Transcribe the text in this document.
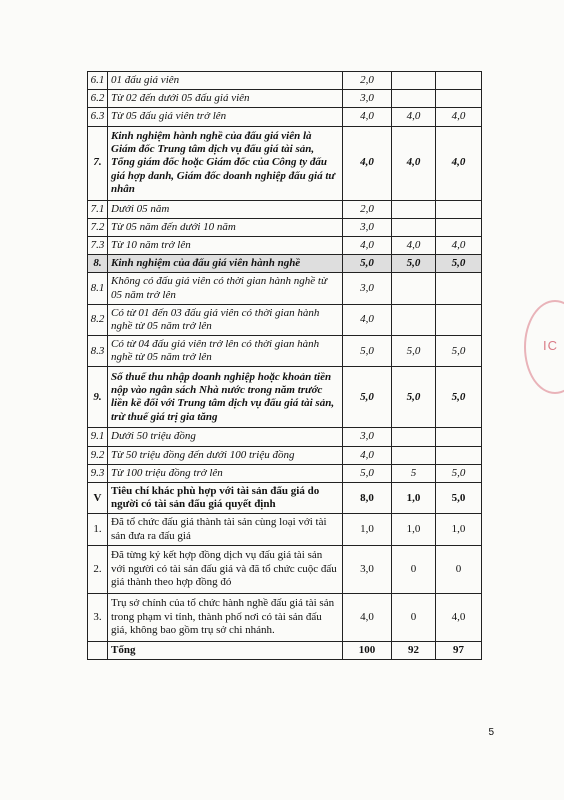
IC
6.1	01 đấu giá viên	2,0		
6.2	Từ 02 đến dưới 05 đấu giá viên	3,0		
6.3	Từ 05 đấu giá viên trở lên	4,0	4,0	4,0
7.	Kinh nghiệm hành nghề của đấu giá viên là Giám đốc Trung tâm dịch vụ đấu giá tài sản, Tổng giám đốc hoặc Giám đốc của Công ty đấu giá hợp danh, Giám đốc doanh nghiệp đấu giá tư nhân	4,0	4,0	4,0
7.1	Dưới 05 năm	2,0		
7.2	Từ 05 năm đến dưới 10 năm	3,0		
7.3	Từ 10 năm trở lên	4,0	4,0	4,0
8.	Kinh nghiệm của đấu giá viên hành nghề	5,0	5,0	5,0
8.1	Không có đấu giá viên có thời gian hành nghề từ 05 năm trở lên	3,0		
8.2	Có từ 01 đến 03 đấu giá viên có thời gian hành nghề từ 05 năm trở lên	4,0		
8.3	Có từ 04 đấu giá viên trở lên có thời gian hành nghề từ 05 năm trở lên	5,0	5,0	5,0
9.	Số thuế thu nhập doanh nghiệp hoặc khoản tiền nộp vào ngân sách Nhà nước trong năm trước liền kề đối với Trung tâm dịch vụ đấu giá tài sản, trừ thuế giá trị gia tăng	5,0	5,0	5,0
9.1	Dưới 50 triệu đồng	3,0		
9.2	Từ 50 triệu đồng đến dưới 100 triệu đồng	4,0		
9.3	Từ 100 triệu đồng trở lên	5,0	5	5,0
V	Tiêu chí khác phù hợp với tài sản đấu giá do người có tài sản đấu giá quyết định	8,0	1,0	5,0
1.	Đã tổ chức đấu giá thành tài sản cùng loại với tài sản đưa ra đấu giá	1,0	1,0	1,0
2.	Đã từng ký kết hợp đồng dịch vụ đấu giá tài sản với người có tài sản đấu giá và đã tổ chức cuộc đấu giá thành theo hợp đồng đó	3,0	0	0
3.	Trụ sở chính của tổ chức hành nghề đấu giá tài sản trong phạm vi tỉnh, thành phố nơi có tài sản đấu giá, không bao gồm trụ sở chi nhánh.	4,0	0	4,0
	Tổng	100	92	97
5
